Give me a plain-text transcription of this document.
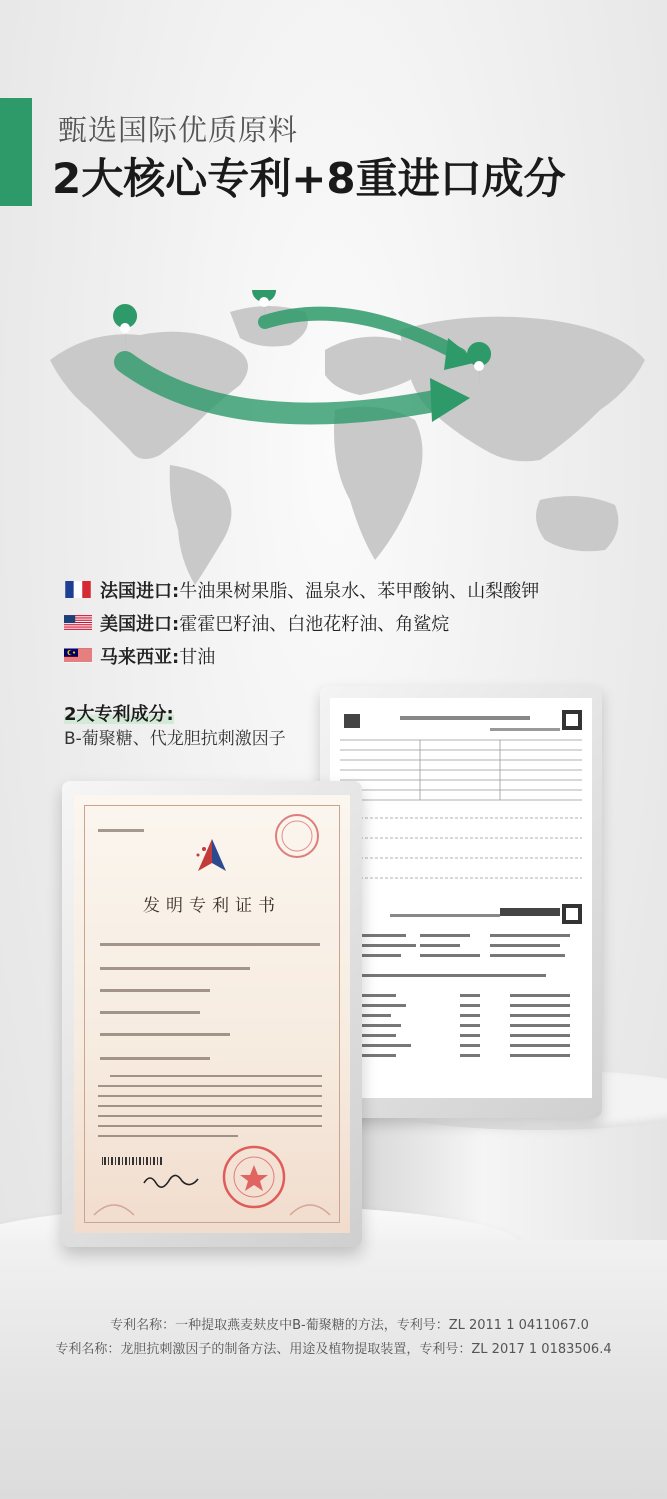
甄选国际优质原料
2大核心专利+8重进口成分
法国进口: 牛油果树果脂、温泉水、苯甲酸钠、山梨酸钾
美国进口: 霍霍巴籽油、白池花籽油、角鲨烷
马来西亚: 甘油
2大专利成分:
B-葡聚糖、代龙胆抗刺激因子
发明专利证书
专利名称：一种提取燕麦麸皮中B-葡聚糖的方法，专利号：ZL 2011 1 0411067.0
专利名称：龙胆抗刺激因子的制备方法、用途及植物提取装置，专利号：ZL 2017 1 0183506.4
